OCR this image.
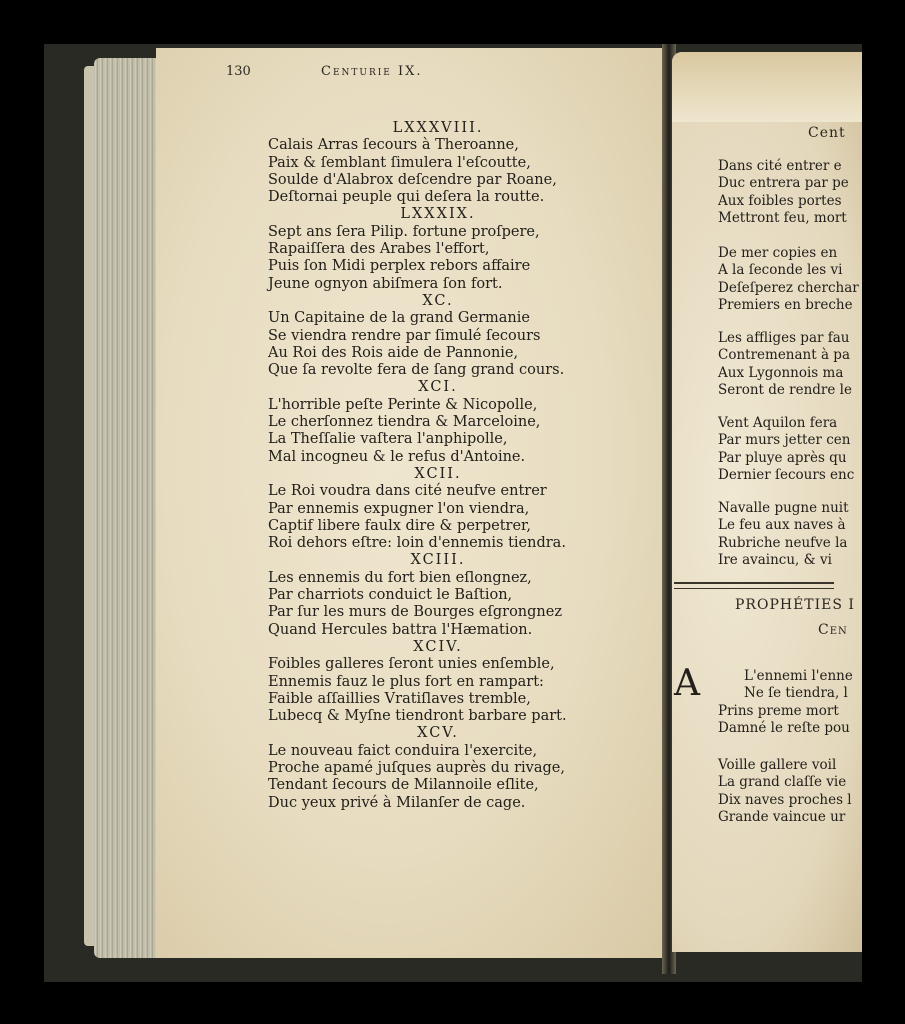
130	Centurie IX.
LXXXVIII.
Calais Arras ſecours à Theroanne,
Paix & ſemblant ſimulera l'eſcoutte,
Soulde d'Alabrox deſcendre par Roane,
Deſtornai peuple qui deſera la routte.
LXXXIX.
Sept ans ſera Pilip. fortune proſpere,
Rapaiſſera des Arabes l'effort,
Puis ſon Midi perplex rebors affaire
Jeune ognyon abiſmera ſon fort.
XC.
Un Capitaine de la grand Germanie
Se viendra rendre par ſimulé ſecours
Au Roi des Rois aide de Pannonie,
Que ſa revolte fera de ſang grand cours.
XCI.
L'horrible peſte Perinte & Nicopolle,
Le cherſonnez tiendra & Marceloine,
La Theſſalie vaſtera l'anphipolle,
Mal incogneu & le refus d'Antoine.
XCII.
Le Roi voudra dans cité neufve entrer
Par ennemis expugner l'on viendra,
Captif libere faulx dire & perpetrer,
Roi dehors eſtre: loin d'ennemis tiendra.
XCIII.
Les ennemis du fort bien eſlongnez,
Par charriots conduict le Baſtion,
Par ſur les murs de Bourges eſgrongnez
Quand Hercules battra l'Hæmation.
XCIV.
Foibles galleres ſeront unies enſemble,
Ennemis fauz le plus fort en rampart:
Faible aſſaillies Vratiſlaves tremble,
Lubecq & Myſne tiendront barbare part.
XCV.
Le nouveau faict conduira l'exercite,
Proche apamé juſques auprès du rivage,
Tendant ſecours de Milannoile eſlite,
Duc yeux privé à Milanſer de cage.
Cent
Dans cité entrer e
Duc entrera par pe
Aux foibles portes
Mettront feu, mort
De mer copies en
A la ſeconde les vi
Deſeſperez cherchar
Premiers en breche
Les affliges par fau
Contremenant à pa
Aux Lygonnois ma
Seront de rendre le
Vent Aquilon fera
Par murs jetter cen
Par pluye après qu
Dernier ſecours enc
Navalle pugne nuit
Le feu aux naves à
Rubriche neufve la
Ire avaincu, & vi
PROPHÉTIES I
Cen
A	L'ennemi l'enne
Ne ſe tiendra, l
Prins preme mort
Damné le reſte pou
Voille gallere voil
La grand claſſe vie
Dix naves proches l
Grande vaincue ur
